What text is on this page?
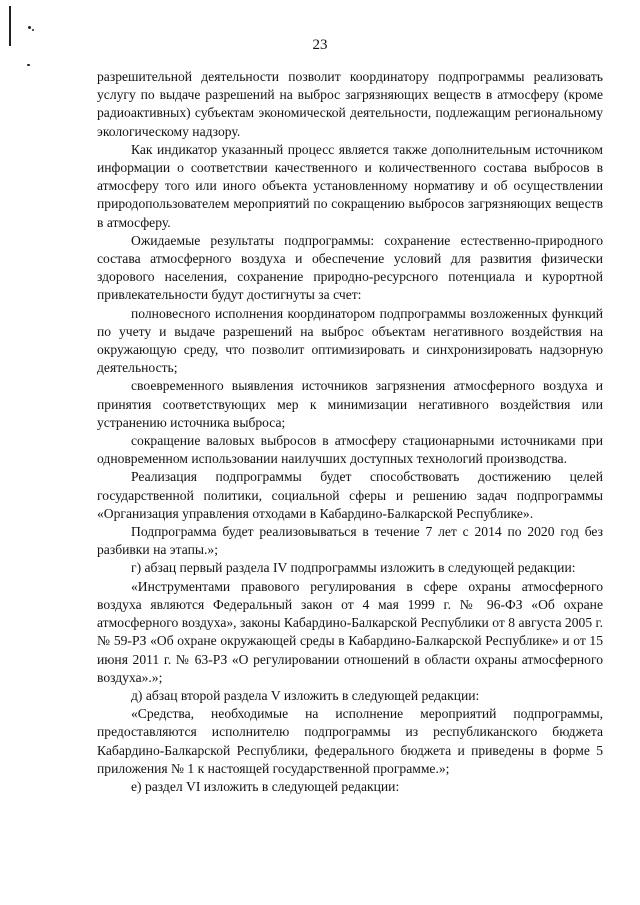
23

разрешительной деятельности позволит координатору подпрограммы реализовать услугу по выдаче разрешений на выброс загрязняющих веществ в атмосферу (кроме радиоактивных) субъектам экономической деятельности, подлежащим региональному экологическому надзору.

Как индикатор указанный процесс является также дополнительным источником информации о соответствии качественного и количественного состава выбросов в атмосферу того или иного объекта установленному нормативу и об осуществлении природопользователем мероприятий по сокращению выбросов загрязняющих веществ в атмосферу.

Ожидаемые результаты подпрограммы: сохранение естественно-природного состава атмосферного воздуха и обеспечение условий для развития физически здорового населения, сохранение природно-ресурсного потенциала и курортной привлекательности будут достигнуты за счет:

полновесного исполнения координатором подпрограммы возложенных функций по учету и выдаче разрешений на выброс объектам негативного воздействия на окружающую среду, что позволит оптимизировать и синхронизировать надзорную деятельность;

своевременного выявления источников загрязнения атмосферного воздуха и принятия соответствующих мер к минимизации негативного воздействия или устранению источника выброса;

сокращение валовых выбросов в атмосферу стационарными источниками при одновременном использовании наилучших доступных технологий производства.

Реализация подпрограммы будет способствовать достижению целей государственной политики, социальной сферы и решению задач подпрограммы «Организация управления отходами в Кабардино-Балкарской Республике».

Подпрограмма будет реализовываться в течение 7 лет с 2014 по 2020 год без разбивки на этапы.»;

г) абзац первый раздела IV подпрограммы изложить в следующей редакции:

«Инструментами правового регулирования в сфере охраны атмосферного воздуха являются Федеральный закон от 4 мая 1999 г. № 96-ФЗ «Об охране атмосферного воздуха», законы Кабардино-Балкарской Республики от 8 августа 2005 г. № 59-РЗ «Об охране окружающей среды в Кабардино-Балкарской Республике» и от 15 июня 2011 г. № 63-РЗ «О регулировании отношений в области охраны атмосферного воздуха».»;

д) абзац второй раздела V изложить в следующей редакции:

«Средства, необходимые на исполнение мероприятий подпрограммы, предоставляются исполнителю подпрограммы из республиканского бюджета Кабардино-Балкарской Республики, федерального бюджета и приведены в форме 5 приложения № 1 к настоящей государственной программе.»;

е) раздел VI изложить в следующей редакции:
